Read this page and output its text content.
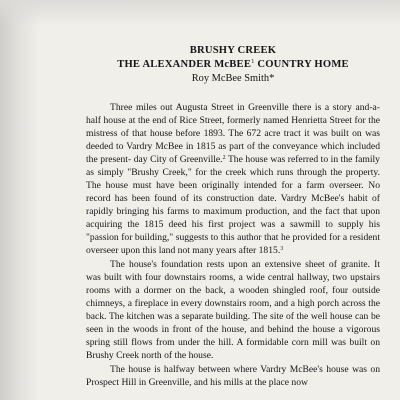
BRUSHY CREEK
THE ALEXANDER McBEE$^1$ COUNTRY HOME
Roy McBee Smith*

Three miles out Augusta Street in Greenville there is a story and-a-half house at the end of Rice Street, formerly named Henrietta Street for the mistress of that house before 1893. The 672 acre tract it was built on was deeded to Vardry McBee in 1815 as part of the conveyance which included the present- day City of Greenville.$^2$ The house was referred to in the family as simply "Brushy Creek," for the creek which runs through the property. The house must have been originally intended for a farm overseer. No record has been found of its construction date. Vardry McBee's habit of rapidly bringing his farms to maximum production, and the fact that upon acquiring the 1815 deed his first project was a sawmill to supply his "passion for building," suggests to this author that he provided for a resident overseer upon this land not many years after 1815.$^3$

The house's foundation rests upon an extensive sheet of granite. It was built with four downstairs rooms, a wide central hallway, two upstairs rooms with a dormer on the back, a wooden shingled roof, four outside chimneys, a fireplace in every downstairs room, and a high porch across the back. The kitchen was a separate building. The site of the well house can be seen in the woods in front of the house, and behind the house a vigorous spring still flows from under the hill. A formidable corn mill was built on Brushy Creek north of the house.

The house is halfway between where Vardry McBee's house was on Prospect Hill in Greenville, and his mills at the place now
